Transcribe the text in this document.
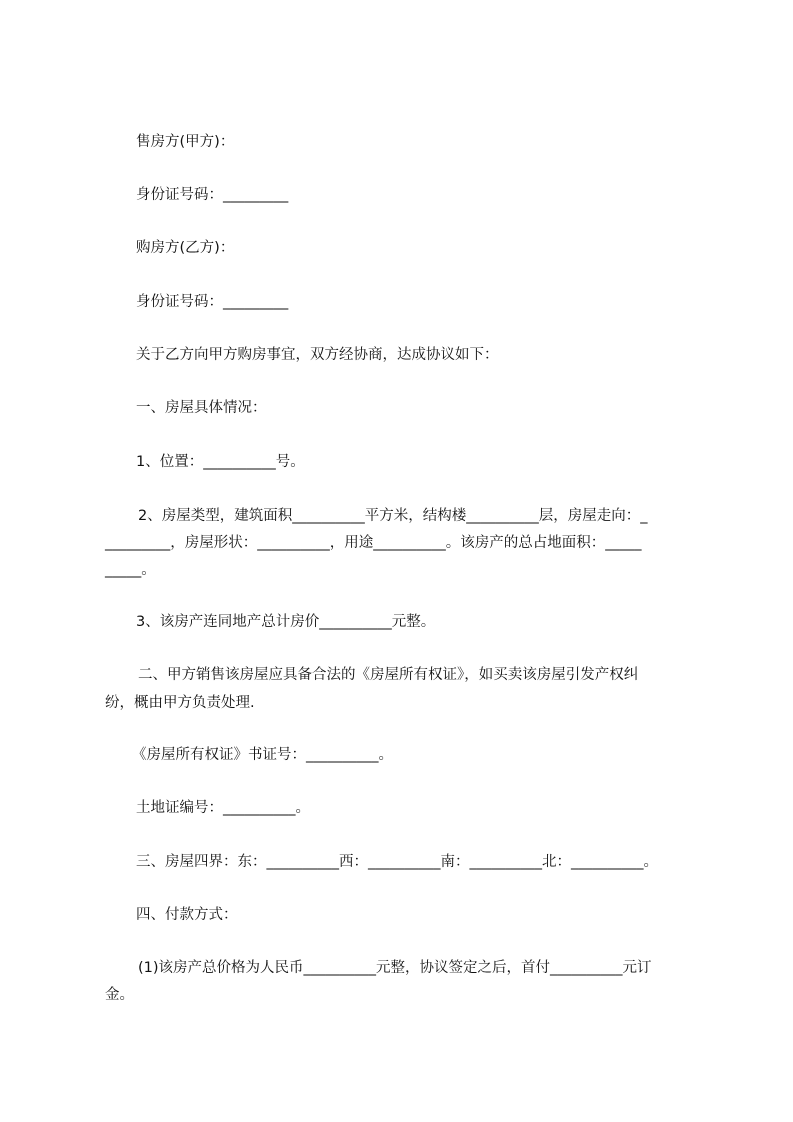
售房方(甲方)：
身份证号码：_________
购房方(乙方)：
身份证号码：_________
关于乙方向甲方购房事宜，双方经协商，达成协议如下：
一、房屋具体情况：
1、位置：__________号。
2、房屋类型，建筑面积__________平方米，结构楼__________层，房屋走向：_
_________，房屋形状：__________，用途__________。该房产的总占地面积：_____
_____。
3、该房产连同地产总计房价__________元整。
二、甲方销售该房屋应具备合法的《房屋所有权证》，如买卖该房屋引发产权纠
纷，概由甲方负责处理.
《房屋所有权证》书证号：__________。
土地证编号：__________。
三、房屋四界：东：__________西：__________南：__________北：__________。
四、付款方式：
(1)该房产总价格为人民币__________元整，协议签定之后，首付__________元订
金。
